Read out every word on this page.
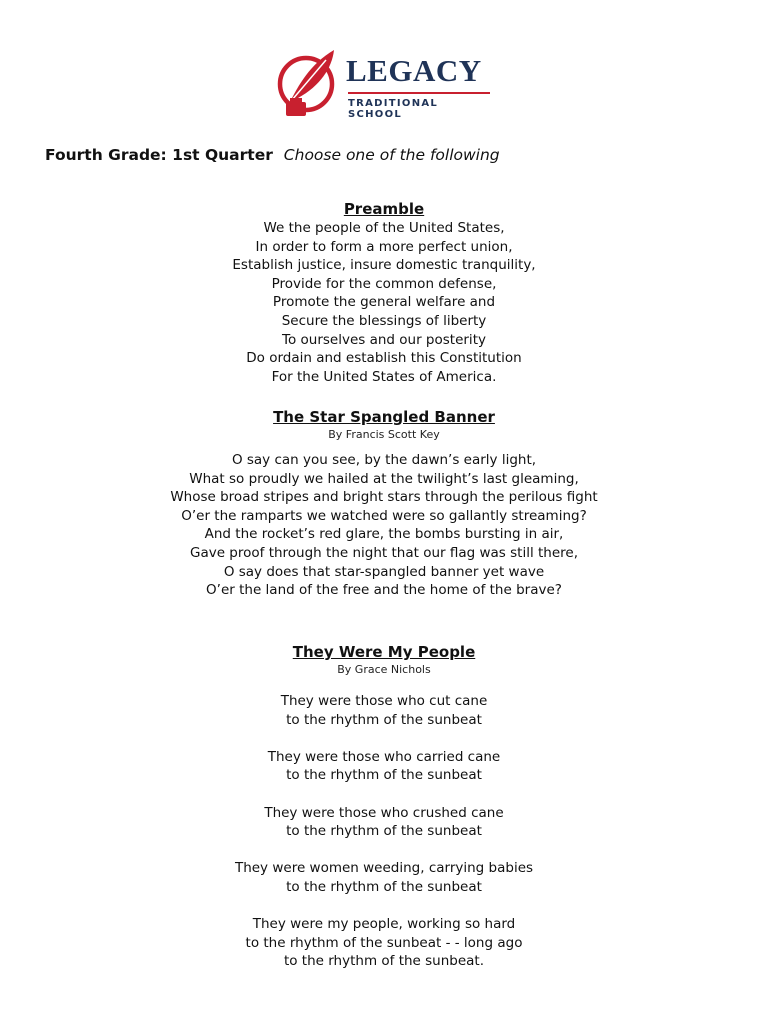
LEGACY
TRADITIONAL SCHOOL
Fourth Grade: 1st Quarter Choose one of the following
Preamble
We the people of the United States,
In order to form a more perfect union,
Establish justice, insure domestic tranquility,
Provide for the common defense,
Promote the general welfare and
Secure the blessings of liberty
To ourselves and our posterity
Do ordain and establish this Constitution
For the United States of America.
The Star Spangled Banner
By Francis Scott Key
O say can you see, by the dawn’s early light,
What so proudly we hailed at the twilight’s last gleaming,
Whose broad stripes and bright stars through the perilous fight
O’er the ramparts we watched were so gallantly streaming?
And the rocket’s red glare, the bombs bursting in air,
Gave proof through the night that our flag was still there,
O say does that star-spangled banner yet wave
O’er the land of the free and the home of the brave?
They Were My People
By Grace Nichols
They were those who cut cane
to the rhythm of the sunbeat
They were those who carried cane
to the rhythm of the sunbeat
They were those who crushed cane
to the rhythm of the sunbeat
They were women weeding, carrying babies
to the rhythm of the sunbeat
They were my people, working so hard
to the rhythm of the sunbeat - - long ago
to the rhythm of the sunbeat.
